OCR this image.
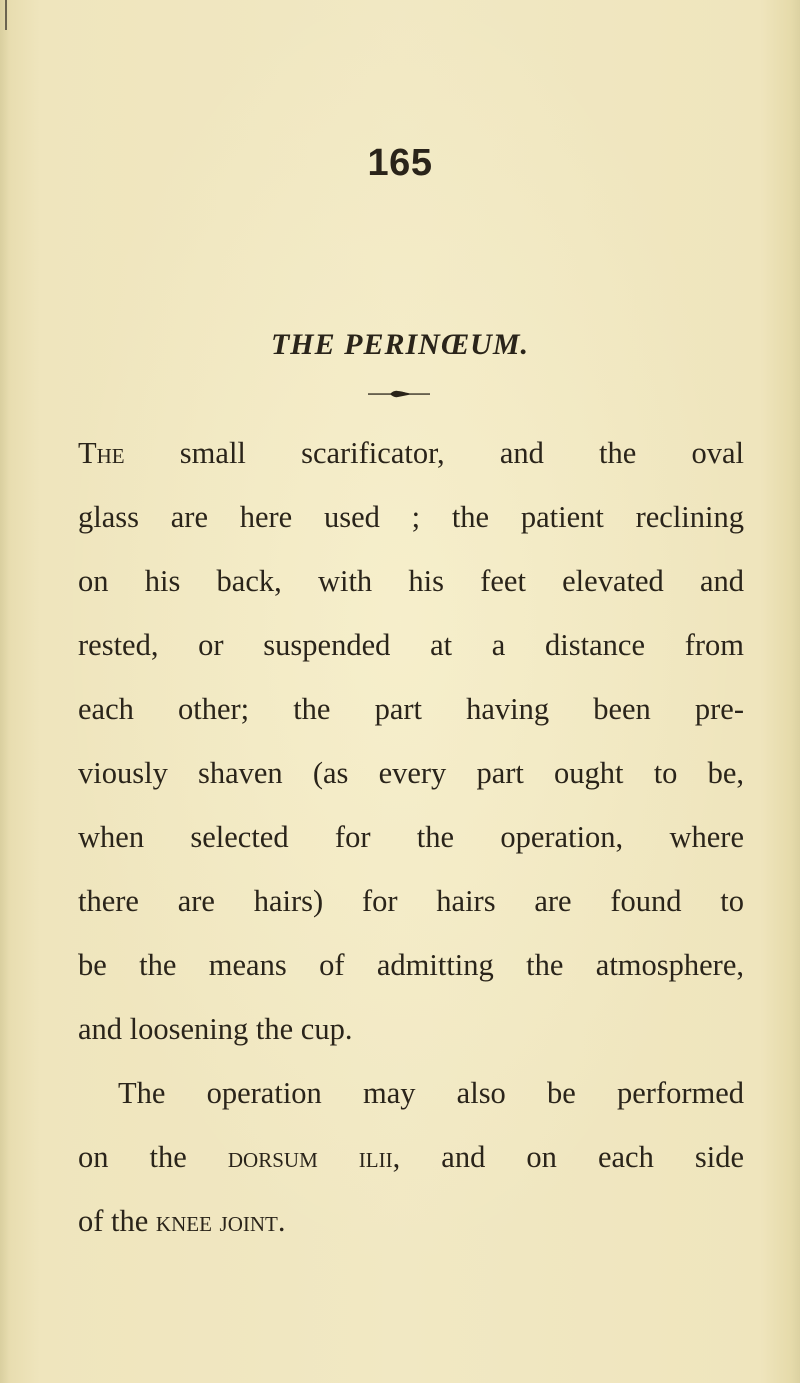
165
THE PERINŒUM.
The small scarificator, and the oval
glass are here used ; the patient reclining
on his back, with his feet elevated and
rested, or suspended at a distance from
each other; the part having been pre-
viously shaven (as every part ought to be,
when selected for the operation, where
there are hairs) for hairs are found to
be the means of admitting the atmosphere,
and loosening the cup.
The operation may also be performed
on the dorsum ilii, and on each side
of the knee joint.
